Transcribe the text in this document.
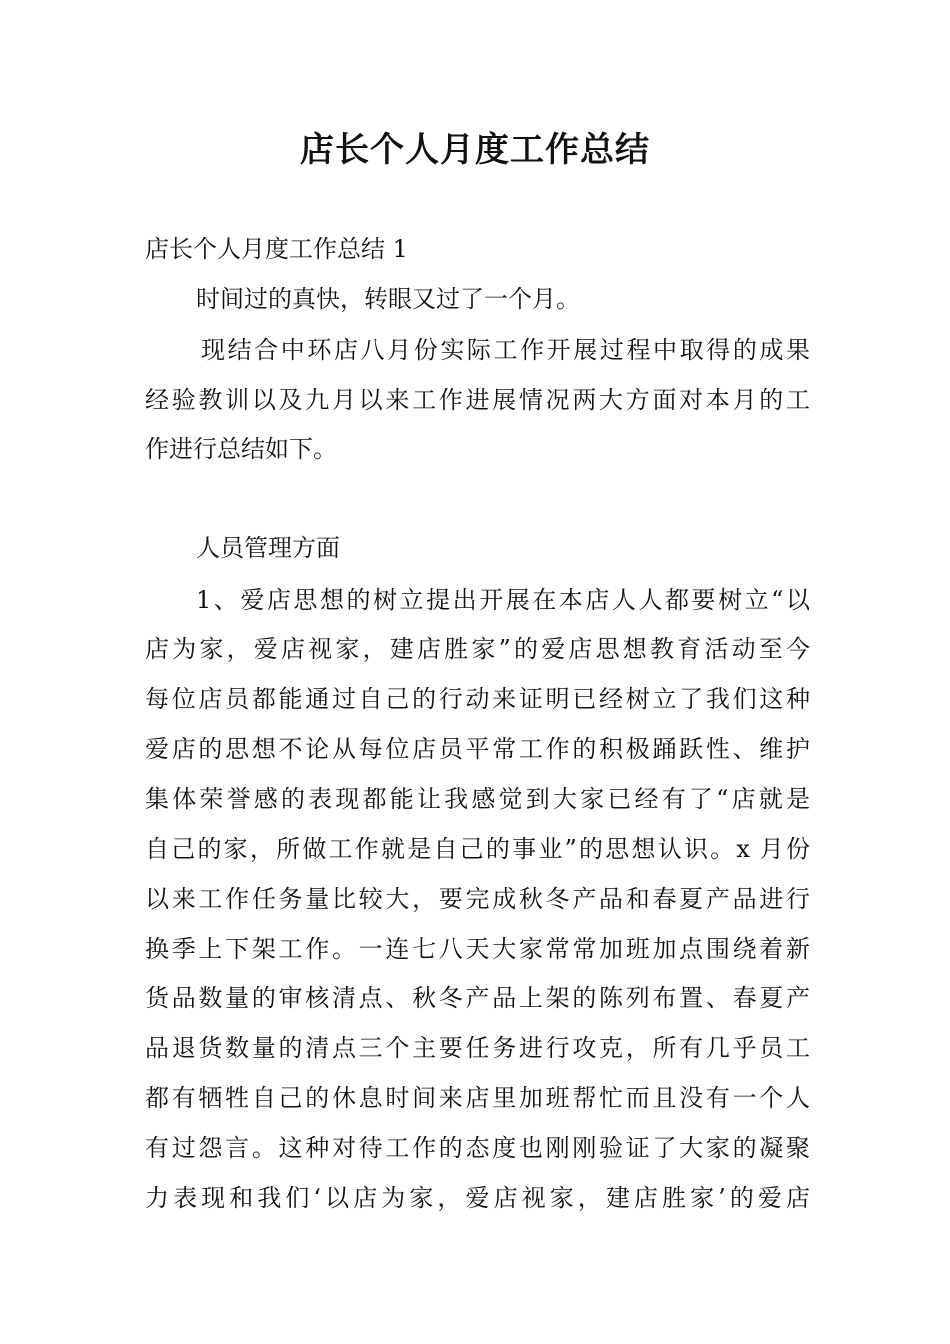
店长个人月度工作总结

店长个人月度工作总结 1

时间过的真快，转眼又过了一个月。

现结合中环店八月份实际工作开展过程中取得的成果

经验教训以及九月以来工作进展情况两大方面对本月的工

作进行总结如下。

人员管理方面

1、爱店思想的树立提出开展在本店人人都要树立“以

店为家，爱店视家，建店胜家”的爱店思想教育活动至今

每位店员都能通过自己的行动来证明已经树立了我们这种

爱店的思想不论从每位店员平常工作的积极踊跃性、维护

集体荣誉感的表现都能让我感觉到大家已经有了“店就是

自己的家，所做工作就是自己的事业”的思想认识。x 月份

以来工作任务量比较大，要完成秋冬产品和春夏产品进行

换季上下架工作。一连七八天大家常常加班加点围绕着新

货品数量的审核清点、秋冬产品上架的陈列布置、春夏产

品退货数量的清点三个主要任务进行攻克，所有几乎员工

都有牺牲自己的休息时间来店里加班帮忙而且没有一个人

有过怨言。这种对待工作的态度也刚刚验证了大家的凝聚

力表现和我们‘以店为家，爱店视家，建店胜家’的爱店
